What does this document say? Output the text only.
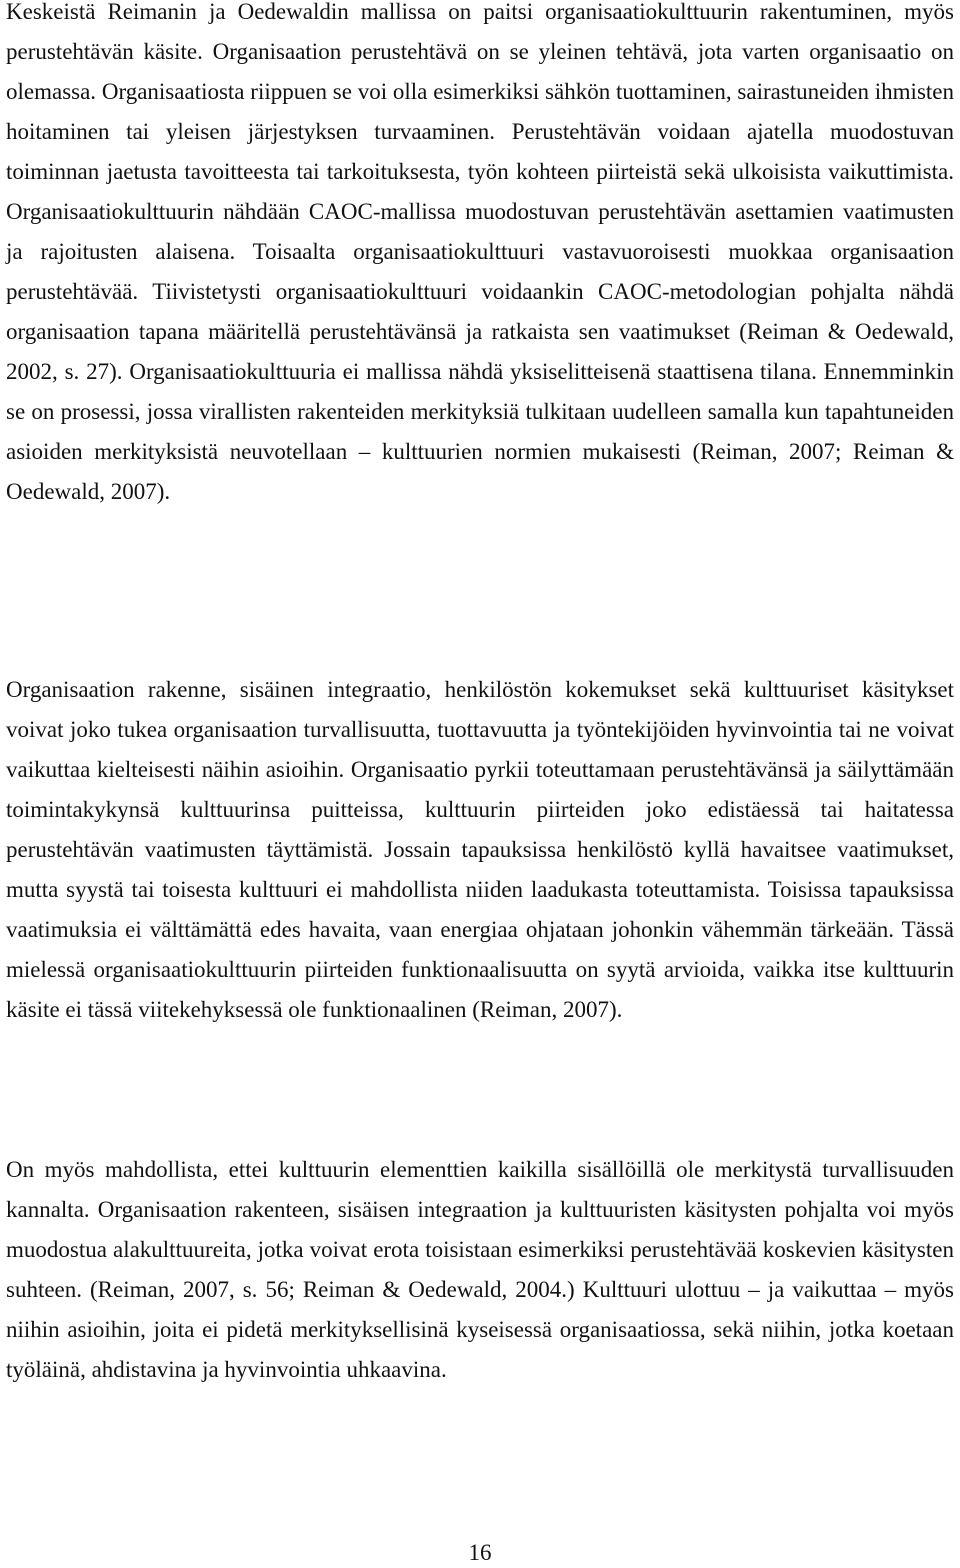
Keskeistä Reimanin ja Oedewaldin mallissa on paitsi organisaatiokulttuurin rakentuminen, myös perustehtävän käsite. Organisaation perustehtävä on se yleinen tehtävä, jota varten organisaatio on olemassa. Organisaatiosta riippuen se voi olla esimerkiksi sähkön tuottaminen, sairastuneiden ihmisten hoitaminen tai yleisen järjestyksen turvaaminen. Perustehtävän voidaan ajatella muodostuvan toiminnan jaetusta tavoitteesta tai tarkoituksesta, työn kohteen piirteistä sekä ulkoisista vaikuttimista. Organisaatiokulttuurin nähdään CAOC-mallissa muodostuvan perustehtävän asettamien vaatimusten ja rajoitusten alaisena. Toisaalta organisaatiokulttuuri vastavuoroisesti muokkaa organisaation perustehtävää. Tiivistetysti organisaatiokulttuuri voidaankin CAOC-metodologian pohjalta nähdä organisaation tapana määritellä perustehtävänsä ja ratkaista sen vaatimukset (Reiman & Oedewald, 2002, s. 27). Organisaatiokulttuuria ei mallissa nähdä yksiselitteisenä staattisena tilana. Ennemminkin se on prosessi, jossa virallisten rakenteiden merkityksiä tulkitaan uudelleen samalla kun tapahtuneiden asioiden merkityksistä neuvotellaan – kulttuurien normien mukaisesti (Reiman, 2007; Reiman & Oedewald, 2007).

Organisaation rakenne, sisäinen integraatio, henkilöstön kokemukset sekä kulttuuriset käsitykset voivat joko tukea organisaation turvallisuutta, tuottavuutta ja työntekijöiden hyvinvointia tai ne voivat vaikuttaa kielteisesti näihin asioihin. Organisaatio pyrkii toteuttamaan perustehtävänsä ja säilyttämään toimintakykynsä kulttuurinsa puitteissa, kulttuurin piirteiden joko edistäessä tai haitatessa perustehtävän vaatimusten täyttämistä. Jossain tapauksissa henkilöstö kyllä havaitsee vaatimukset, mutta syystä tai toisesta kulttuuri ei mahdollista niiden laadukasta toteuttamista. Toisissa tapauksissa vaatimuksia ei välttämättä edes havaita, vaan energiaa ohjataan johonkin vähemmän tärkeään. Tässä mielessä organisaatiokulttuurin piirteiden funktionaalisuutta on syytä arvioida, vaikka itse kulttuurin käsite ei tässä viitekehyksessä ole funktionaalinen (Reiman, 2007).

On myös mahdollista, ettei kulttuurin elementtien kaikilla sisällöillä ole merkitystä turvallisuuden kannalta. Organisaation rakenteen, sisäisen integraation ja kulttuuristen käsitysten pohjalta voi myös muodostua alakulttuureita, jotka voivat erota toisistaan esimerkiksi perustehtävää koskevien käsitysten suhteen. (Reiman, 2007, s. 56; Reiman & Oedewald, 2004.) Kulttuuri ulottuu – ja vaikuttaa – myös niihin asioihin, joita ei pidetä merkityksellisinä kyseisessä organisaatiossa, sekä niihin, jotka koetaan työläinä, ahdistavina ja hyvinvointia uhkaavina.

16
